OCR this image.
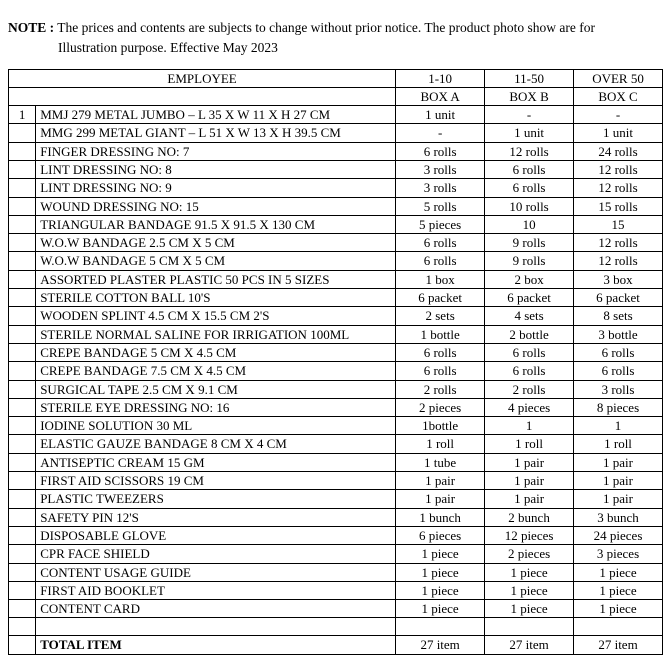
NOTE : The prices and contents are subjects to change without prior notice. The product photo show are for
Illustration purpose. Effective May 2023
EMPLOYEE		1-10	11-50	OVER 50
		BOX A	BOX B	BOX C
1	MMJ 279 METAL JUMBO – L 35 X W 11 X H 27 CM	1 unit	-	-
	MMG 299 METAL GIANT – L 51 X W 13 X H 39.5 CM	-	1 unit	1 unit
	FINGER DRESSING NO: 7	6 rolls	12 rolls	24 rolls
	LINT DRESSING NO: 8	3 rolls	6 rolls	12 rolls
	LINT DRESSING NO: 9	3 rolls	6 rolls	12 rolls
	WOUND DRESSING NO: 15	5 rolls	10 rolls	15 rolls
	TRIANGULAR BANDAGE 91.5 X 91.5 X 130 CM	5 pieces	10	15
	W.O.W BANDAGE 2.5 CM X 5 CM	6 rolls	9 rolls	12 rolls
	W.O.W BANDAGE 5 CM X 5 CM	6 rolls	9 rolls	12 rolls
	ASSORTED PLASTER PLASTIC 50 PCS IN 5 SIZES	1 box	2 box	3 box
	STERILE COTTON BALL 10'S	6 packet	6 packet	6 packet
	WOODEN SPLINT 4.5 CM X 15.5 CM 2'S	2 sets	4 sets	8 sets
	STERILE NORMAL SALINE FOR IRRIGATION 100ML	1 bottle	2 bottle	3 bottle
	CREPE BANDAGE 5 CM X 4.5 CM	6 rolls	6 rolls	6 rolls
	CREPE BANDAGE 7.5 CM X 4.5 CM	6 rolls	6 rolls	6 rolls
	SURGICAL TAPE 2.5 CM X 9.1 CM	2 rolls	2 rolls	3 rolls
	STERILE EYE DRESSING NO: 16	2 pieces	4 pieces	8 pieces
	IODINE SOLUTION 30 ML	1bottle	1	1
	ELASTIC GAUZE BANDAGE 8 CM X 4 CM	1 roll	1 roll	1 roll
	ANTISEPTIC CREAM 15 GM	1 tube	1 pair	1 pair
	FIRST AID SCISSORS 19 CM	1 pair	1 pair	1 pair
	PLASTIC TWEEZERS	1 pair	1 pair	1 pair
	SAFETY PIN 12'S	1 bunch	2 bunch	3 bunch
	DISPOSABLE GLOVE	6 pieces	12 pieces	24 pieces
	CPR FACE SHIELD	1 piece	2 pieces	3 pieces
	CONTENT USAGE GUIDE	1 piece	1 piece	1 piece
	FIRST AID BOOKLET	1 piece	1 piece	1 piece
	CONTENT CARD	1 piece	1 piece	1 piece

	TOTAL ITEM	27 item	27 item	27 item
